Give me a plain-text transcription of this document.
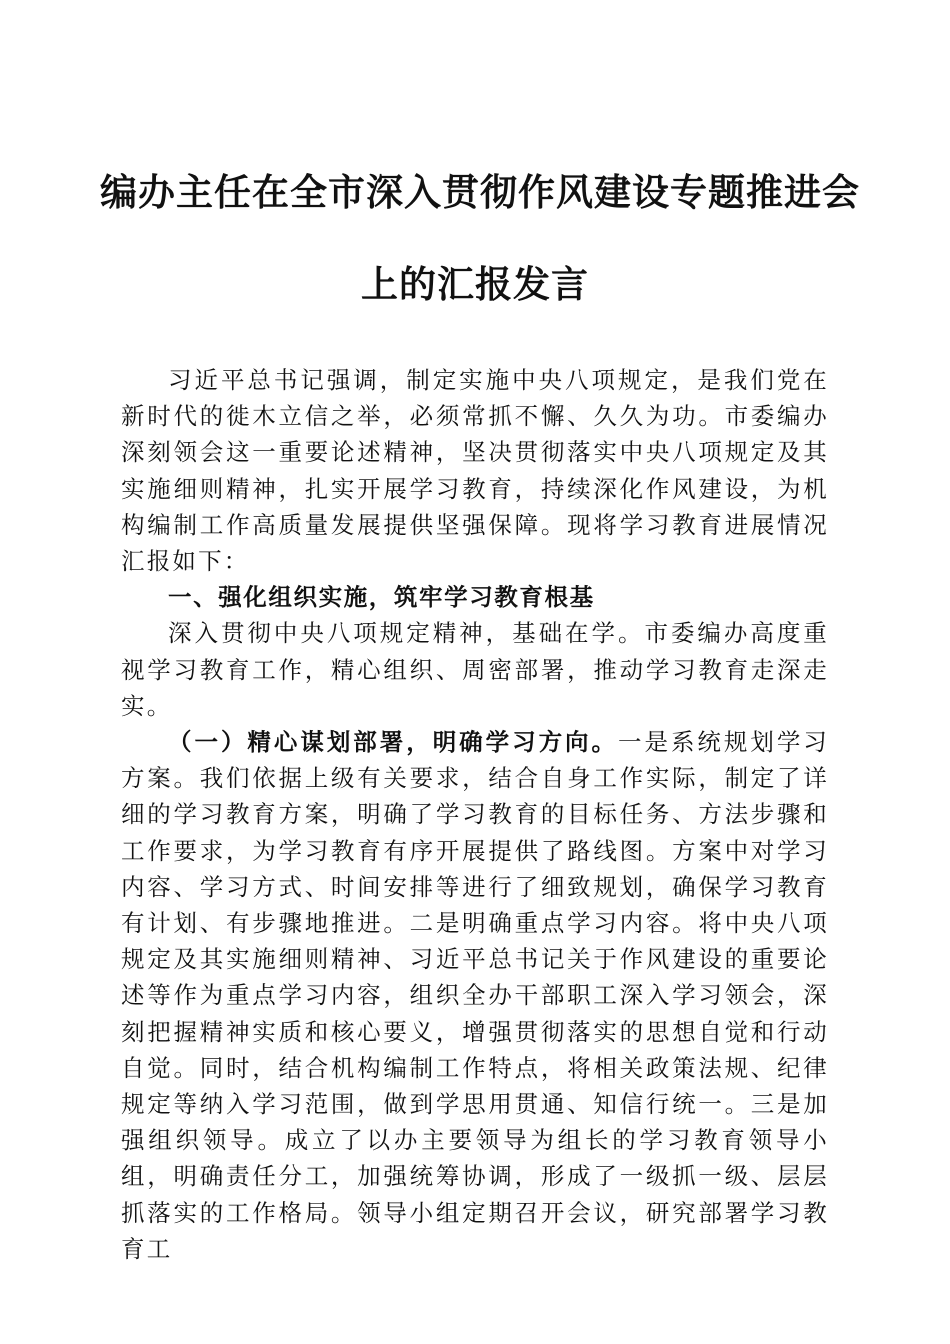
编办主任在全市深入贯彻作风建设专题推进会
上的汇报发言

习近平总书记强调，制定实施中央八项规定，是我们党在新时代的徙木立信之举，必须常抓不懈、久久为功。市委编办深刻领会这一重要论述精神，坚决贯彻落实中央八项规定及其实施细则精神，扎实开展学习教育，持续深化作风建设，为机构编制工作高质量发展提供坚强保障。现将学习教育进展情况汇报如下：

一、强化组织实施，筑牢学习教育根基

深入贯彻中央八项规定精神，基础在学。市委编办高度重视学习教育工作，精心组织、周密部署，推动学习教育走深走实。

（一）精心谋划部署，明确学习方向。一是系统规划学习方案。我们依据上级有关要求，结合自身工作实际，制定了详细的学习教育方案，明确了学习教育的目标任务、方法步骤和工作要求，为学习教育有序开展提供了路线图。方案中对学习内容、学习方式、时间安排等进行了细致规划，确保学习教育有计划、有步骤地推进。二是明确重点学习内容。将中央八项规定及其实施细则精神、习近平总书记关于作风建设的重要论述等作为重点学习内容，组织全办干部职工深入学习领会，深刻把握精神实质和核心要义，增强贯彻落实的思想自觉和行动自觉。同时，结合机构编制工作特点，将相关政策法规、纪律规定等纳入学习范围，做到学思用贯通、知信行统一。三是加强组织领导。成立了以办主要领导为组长的学习教育领导小组，明确责任分工，加强统筹协调，形成了一级抓一级、层层抓落实的工作格局。领导小组定期召开会议，研究部署学习教育工
